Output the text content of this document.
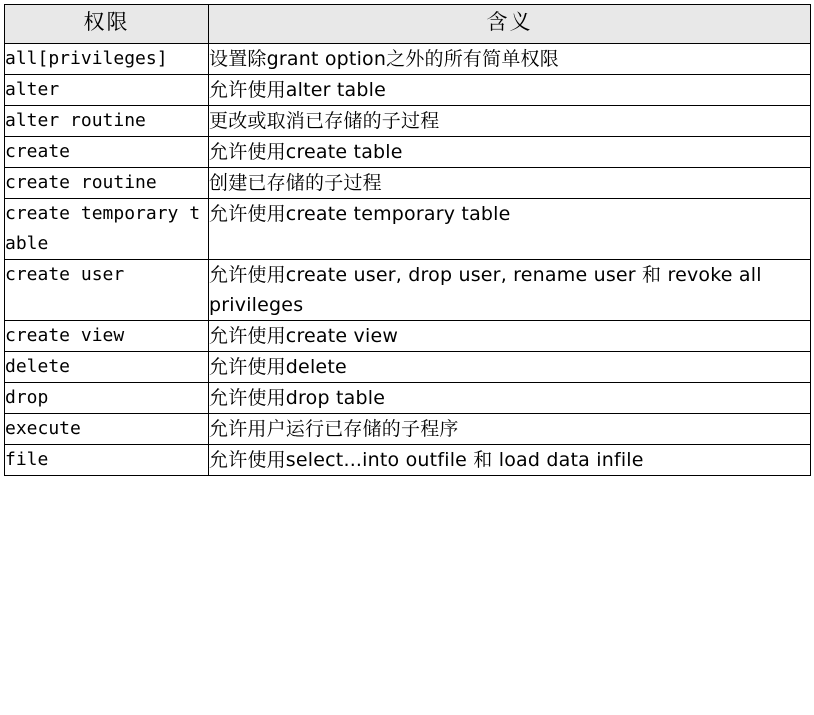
权限	含义
all[privileges]	设置除grant option之外的所有简单权限
alter	允许使用alter table
alter routine	更改或取消已存储的子过程
create	允许使用create table
create routine	创建已存储的子过程
create temporary table	允许使用create temporary table
create user	允许使用create user, drop user, rename user 和 revoke all privileges
create view	允许使用create view
delete	允许使用delete
drop	允许使用drop table
execute	允许用户运行已存储的子程序
file	允许使用select...into outfile 和 load data infile
